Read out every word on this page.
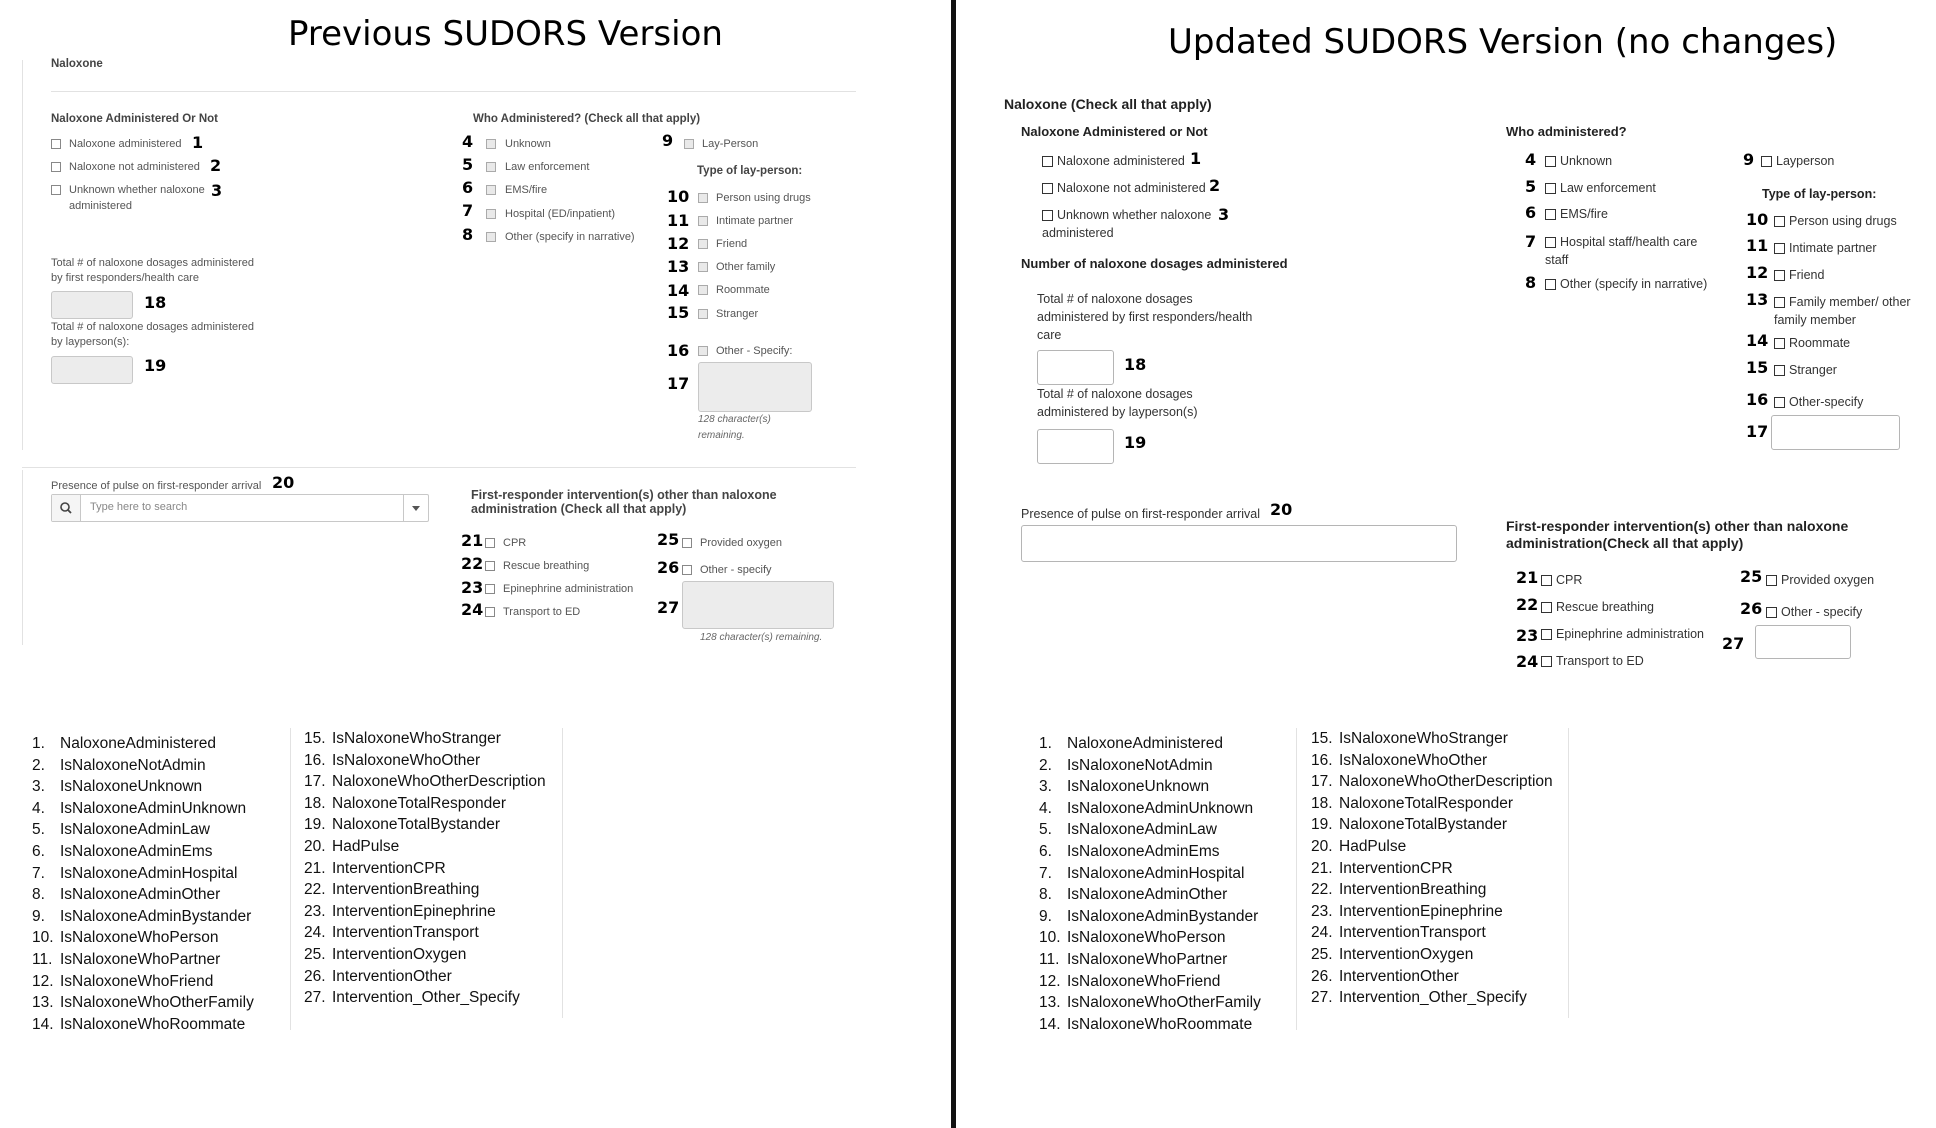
Previous SUDORS Version
Naloxone
Naloxone Administered Or Not
Naloxone administered 1
Naloxone not administered 2
Unknown whether naloxone
administered
3
Total # of naloxone dosages administered
by first responders/health care
18
Total # of naloxone dosages administered
by layperson(s):
19
Who Administered? (Check all that apply)
4	Unknown
5	Law enforcement
6	EMS/fire
7	Hospital (ED/inpatient)
8	Other (specify in narrative)
9	Lay-Person
Type of lay-person:
10 Person using drugs
11 Intimate partner
12 Friend
13 Other family
14 Roommate
15 Stranger
16 Other - Specify:
17
128 character(s)
remaining.
Presence of pulse on first-responder arrival 20
Type here to search
First-responder intervention(s) other than naloxone
administration (Check all that apply)
21 CPR
22 Rescue breathing
23 Epinephrine administration
24 Transport to ED
25 Provided oxygen
26 Other - specify
27
128 character(s) remaining.
Updated SUDORS Version (no changes)
Naloxone (Check all that apply)
Naloxone Administered or Not
Naloxone administered 1
Naloxone not administered 2
Unknown whether naloxone
administered
3
Number of naloxone dosages administered
Total # of naloxone dosages
administered by first responders/health
care
18
Total # of naloxone dosages
administered by layperson(s)
19
Who administered?
4 Unknown
5 Law enforcement
6 EMS/fire
7 Hospital staff/health care
staff
8 Other (specify in narrative)
9 Layperson
Type of lay-person:
10 Person using drugs
11 Intimate partner
12 Friend
13 Family member/ other
family member
14 Roommate
15 Stranger
16 Other-specify
17
Presence of pulse on first-responder arrival 20
First-responder intervention(s) other than naloxone
administration(Check all that apply)
21 CPR
22 Rescue breathing
23 Epinephrine administration
24 Transport to ED
25 Provided oxygen
26 Other - specify
27
1. NaloxoneAdministered
2. IsNaloxoneNotAdmin
3. IsNaloxoneUnknown
4. IsNaloxoneAdminUnknown
5. IsNaloxoneAdminLaw
6. IsNaloxoneAdminEms
7. IsNaloxoneAdminHospital
8. IsNaloxoneAdminOther
9. IsNaloxoneAdminBystander
10. IsNaloxoneWhoPerson
11. IsNaloxoneWhoPartner
12. IsNaloxoneWhoFriend
13. IsNaloxoneWhoOtherFamily
14. IsNaloxoneWhoRoommate
15. IsNaloxoneWhoStranger
16. IsNaloxoneWhoOther
17. NaloxoneWhoOtherDescription
18. NaloxoneTotalResponder
19. NaloxoneTotalBystander
20. HadPulse
21. InterventionCPR
22. InterventionBreathing
23. InterventionEpinephrine
24. InterventionTransport
25. InterventionOxygen
26. InterventionOther
27. Intervention_Other_Specify
1. NaloxoneAdministered
2. IsNaloxoneNotAdmin
3. IsNaloxoneUnknown
4. IsNaloxoneAdminUnknown
5. IsNaloxoneAdminLaw
6. IsNaloxoneAdminEms
7. IsNaloxoneAdminHospital
8. IsNaloxoneAdminOther
9. IsNaloxoneAdminBystander
10. IsNaloxoneWhoPerson
11. IsNaloxoneWhoPartner
12. IsNaloxoneWhoFriend
13. IsNaloxoneWhoOtherFamily
14. IsNaloxoneWhoRoommate
15. IsNaloxoneWhoStranger
16. IsNaloxoneWhoOther
17. NaloxoneWhoOtherDescription
18. NaloxoneTotalResponder
19. NaloxoneTotalBystander
20. HadPulse
21. InterventionCPR
22. InterventionBreathing
23. InterventionEpinephrine
24. InterventionTransport
25. InterventionOxygen
26. InterventionOther
27. Intervention_Other_Specify
